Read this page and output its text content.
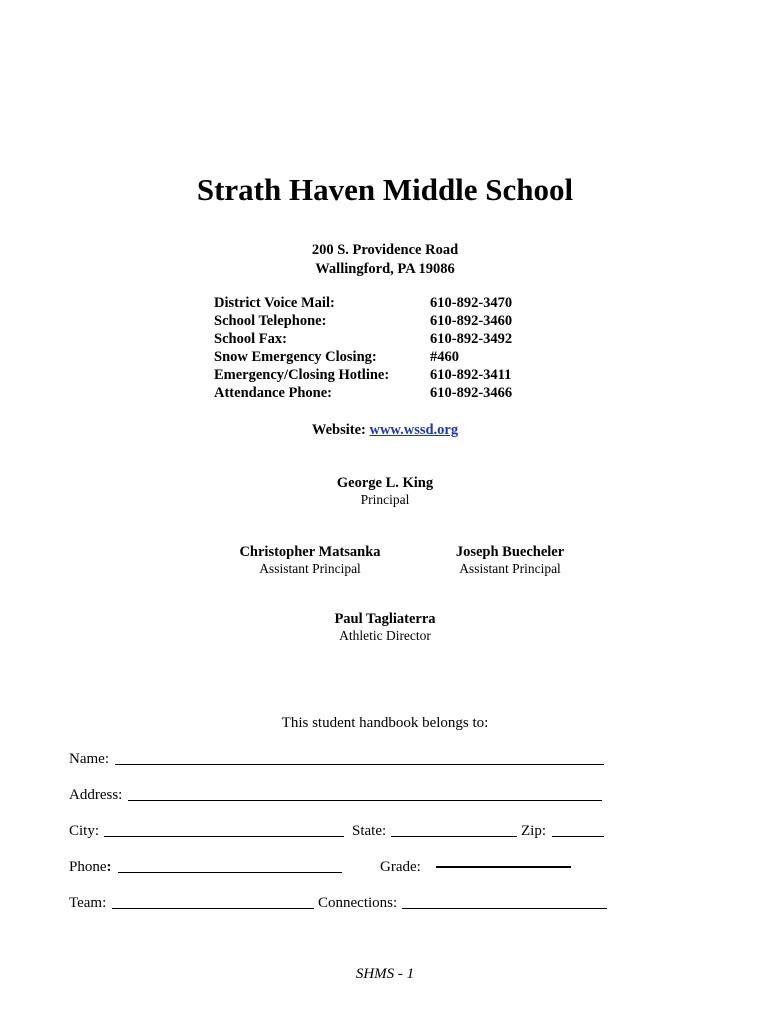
Strath Haven Middle School
200 S. Providence Road
Wallingford, PA 19086
District Voice Mail:	610-892-3470
School Telephone:	610-892-3460
School Fax:	610-892-3492
Snow Emergency Closing:	#460
Emergency/Closing Hotline:	610-892-3411
Attendance Phone:	610-892-3466
Website: www.wssd.org
George L. King
Principal
Christopher Matsanka
Assistant Principal
Joseph Buecheler
Assistant Principal
Paul Tagliaterra
Athletic Director
This student handbook belongs to:
Name:
Address:
City:	State:	Zip:
Phone:	Grade:
Team:	Connections:
SHMS - 1
